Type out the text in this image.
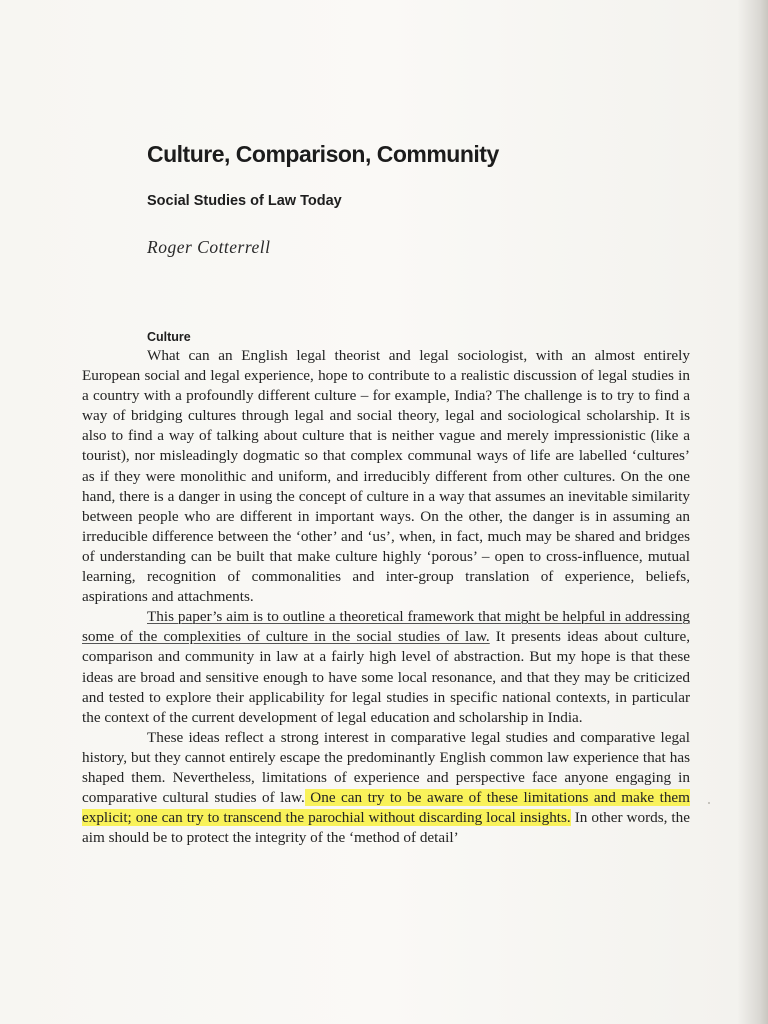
Culture, Comparison, Community
Social Studies of Law Today

Roger Cotterrell

Culture

What can an English legal theorist and legal sociologist, with an almost entirely European social and legal experience, hope to contribute to a realistic discussion of legal studies in a country with a profoundly different culture – for example, India? The challenge is to try to find a way of bridging cultures through legal and social theory, legal and sociological scholarship. It is also to find a way of talking about culture that is neither vague and merely impressionistic (like a tourist), nor misleadingly dogmatic so that complex communal ways of life are labelled ‘cultures’ as if they were monolithic and uniform, and irreducibly different from other cultures. On the one hand, there is a danger in using the concept of culture in a way that assumes an inevitable similarity between people who are different in important ways. On the other, the danger is in assuming an irreducible difference between the ‘other’ and ‘us’, when, in fact, much may be shared and bridges of understanding can be built that make culture highly ‘porous’ – open to cross-influence, mutual learning, recognition of commonalities and inter-group translation of experience, beliefs, aspirations and attachments.

This paper’s aim is to outline a theoretical framework that might be helpful in addressing some of the complexities of culture in the social studies of law. It presents ideas about culture, comparison and community in law at a fairly high level of abstraction. But my hope is that these ideas are broad and sensitive enough to have some local resonance, and that they may be criticized and tested to explore their applicability for legal studies in specific national contexts, in particular the context of the current development of legal education and scholarship in India.

These ideas reflect a strong interest in comparative legal studies and comparative legal history, but they cannot entirely escape the predominantly English common law experience that has shaped them. Nevertheless, limitations of experience and perspective face anyone engaging in comparative cultural studies of law. One can try to be aware of these limitations and make them explicit; one can try to transcend the parochial without discarding local insights. In other words, the aim should be to protect the integrity of the ‘method of detail’
